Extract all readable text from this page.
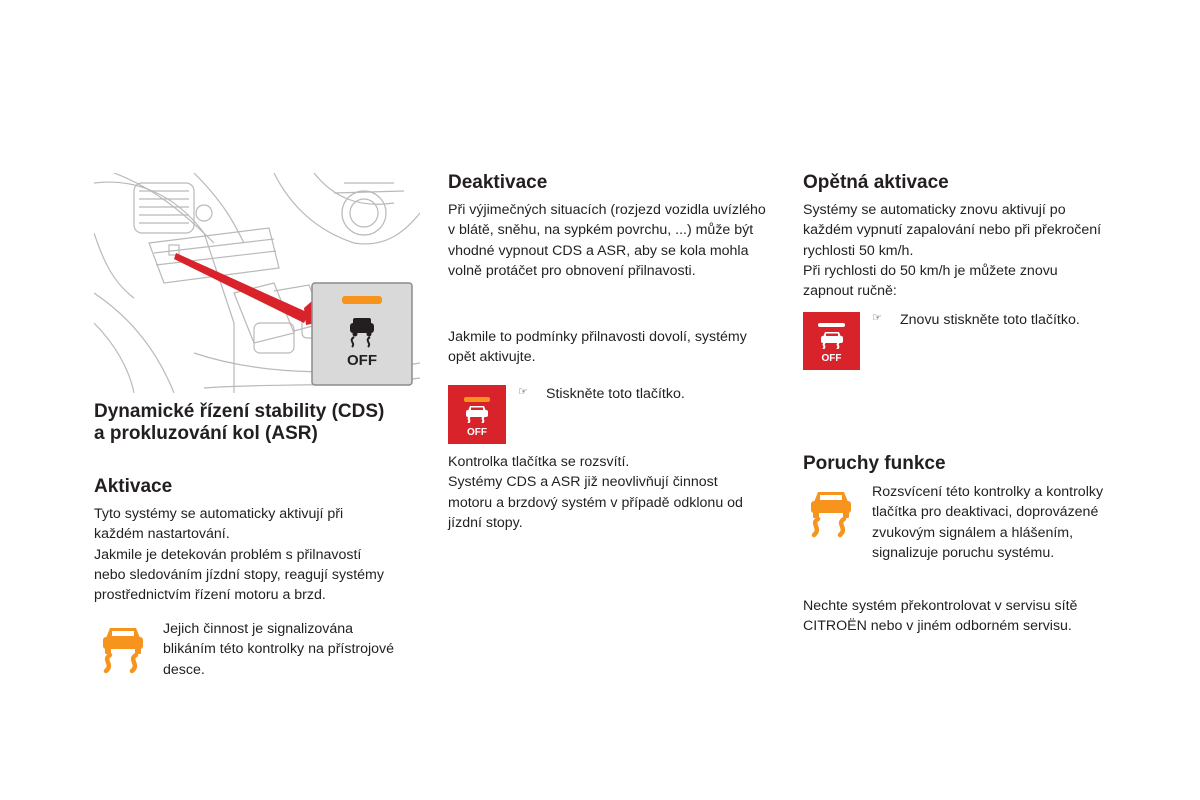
OFF
Dynamické řízení stability (CDS)
a prokluzování kol (ASR)
Aktivace

Tyto systémy se automaticky aktivují při

každém nastartování.

Jakmile je detekován problém s přilnavostí

nebo sledováním jízdní stopy, reagují systémy

prostřednictvím řízení motoru a brzd.

Jejich činnost je signalizována

blikáním této kontrolky na přístrojové

desce.

Deaktivace

Při výjimečných situacích (rozjezd vozidla uvízlého

v blátě, sněhu, na sypkém povrchu, ...) může být

vhodné vypnout CDS a ASR, aby se kola mohla

volně protáčet pro obnovení přilnavosti.

Jakmile to podmínky přilnavosti dovolí, systémy

opět aktivujte.

OFF
☞	Stiskněte toto tlačítko.

Kontrolka tlačítka se rozsvítí.

Systémy CDS a ASR již neovlivňují činnost

motoru a brzdový systém v případě odklonu od

jízdní stopy.

Opětná aktivace

Systémy se automaticky znovu aktivují po

každém vypnutí zapalování nebo při překročení

rychlosti 50 km/h.

Při rychlosti do 50 km/h je můžete znovu

zapnout ručně:

OFF
☞	Znovu stiskněte toto tlačítko.

Poruchy funkce

Rozsvícení této kontrolky a kontrolky

tlačítka pro deaktivaci, doprovázené

zvukovým signálem a hlášením,

signalizuje poruchu systému.

Nechte systém překontrolovat v servisu sítě

CITROËN nebo v jiném odborném servisu.
